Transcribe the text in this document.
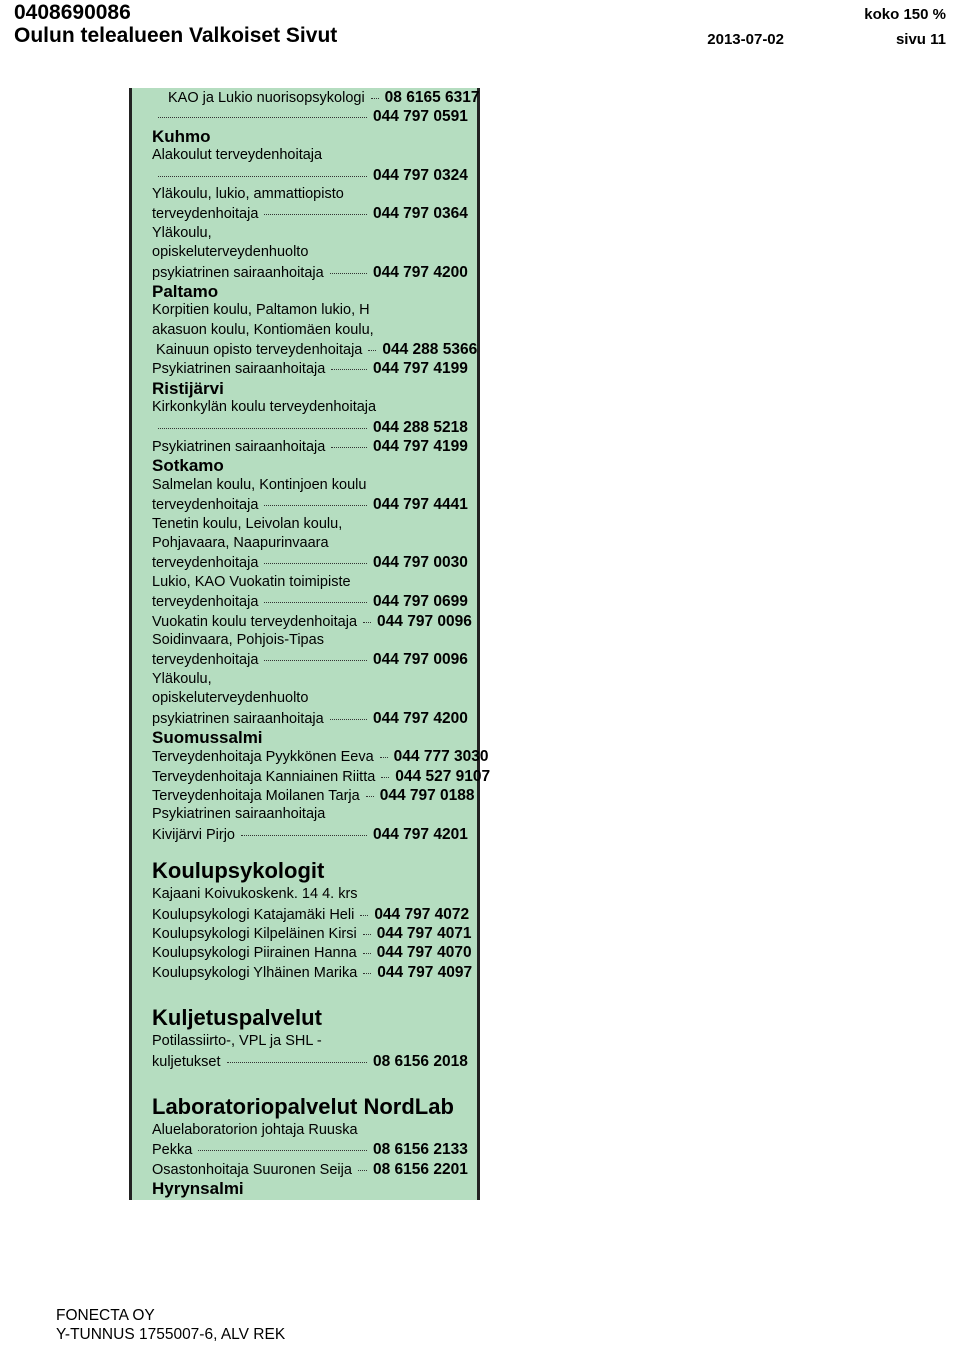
0408690086
Oulun telealueen Valkoiset Sivut
koko 150 %
2013-07-02	sivu 11
KAO ja Lukio nuorisopsykologi 08 6165 6317
044 797 0591
Kuhmo
Alakoulut terveydenhoitaja
044 797 0324
Yläkoulu, lukio, ammattiopisto
terveydenhoitaja	044 797 0364
Yläkoulu,
opiskeluterveydenhuolto
psykiatrinen sairaanhoitaja	044 797 4200
Paltamo
Korpitien koulu, Paltamon lukio, H
akasuon koulu, Kontiomäen koulu,
Kainuun opisto terveydenhoitaja 044 288 5366
Psykiatrinen sairaanhoitaja	044 797 4199
Ristijärvi
Kirkonkylän koulu terveydenhoitaja
044 288 5218
Psykiatrinen sairaanhoitaja	044 797 4199
Sotkamo
Salmelan koulu, Kontinjoen koulu
terveydenhoitaja	044 797 4441
Tenetin koulu, Leivolan koulu,
Pohjavaara, Naapurinvaara
terveydenhoitaja	044 797 0030
Lukio, KAO Vuokatin toimipiste
terveydenhoitaja	044 797 0699
Vuokatin koulu terveydenhoitaja 044 797 0096
Soidinvaara, Pohjois-Tipas
terveydenhoitaja	044 797 0096
Yläkoulu,
opiskeluterveydenhuolto
psykiatrinen sairaanhoitaja	044 797 4200
Suomussalmi
Terveydenhoitaja Pyykkönen Eeva 044 777 3030
Terveydenhoitaja Kanniainen Riitta 044 527 9107
Terveydenhoitaja Moilanen Tarja 044 797 0188
Psykiatrinen sairaanhoitaja
Kivijärvi Pirjo	044 797 4201
Koulupsykologit
Kajaani Koivukoskenk. 14 4. krs
Koulupsykologi Katajamäki Heli 044 797 4072
Koulupsykologi Kilpeläinen Kirsi 044 797 4071
Koulupsykologi Piirainen Hanna 044 797 4070
Koulupsykologi Ylhäinen Marika 044 797 4097
Kuljetuspalvelut
Potilassiirto-, VPL ja SHL -
kuljetukset	08 6156 2018
Laboratoriopalvelut NordLab
Aluelaboratorion johtaja Ruuska
Pekka	08 6156 2133
Osastonhoitaja Suuronen Seija 08 6156 2201
Hyrynsalmi
FONECTA OY
Y-TUNNUS 1755007-6, ALV REK
